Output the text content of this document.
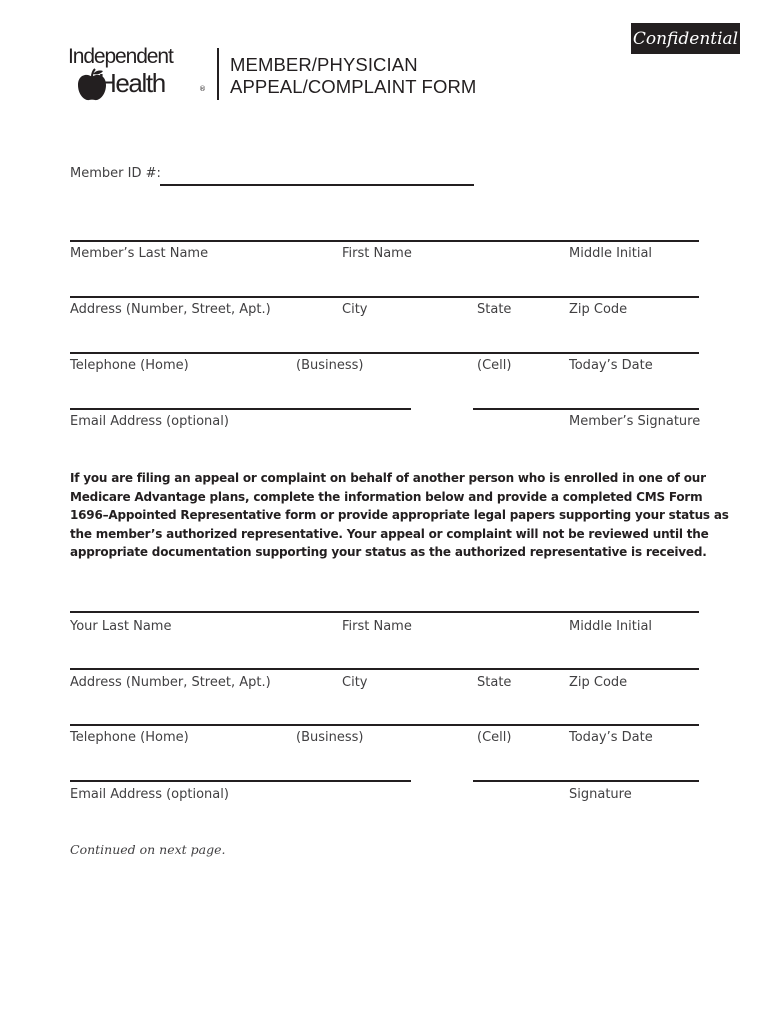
Confidential
Independent
Health	®
MEMBER/PHYSICIAN
APPEAL/COMPLAINT FORM
Member ID #:
Member’s Last Name	First Name	Middle Initial
Address (Number, Street, Apt.)	City	State	Zip Code
Telephone (Home)	(Business)	(Cell)	Today’s Date
Email Address (optional)	Member’s Signature
If you are filing an appeal or complaint on behalf of another person who is enrolled in one of our
Medicare Advantage plans, complete the information below and provide a completed CMS Form
1696–Appointed Representative form or provide appropriate legal papers supporting your status as
the member’s authorized representative. Your appeal or complaint will not be reviewed until the
appropriate documentation supporting your status as the authorized representative is received.
Your Last Name	First Name	Middle Initial
Address (Number, Street, Apt.)	City	State	Zip Code
Telephone (Home)	(Business)	(Cell)	Today’s Date
Email Address (optional)	Signature
Continued on next page.
